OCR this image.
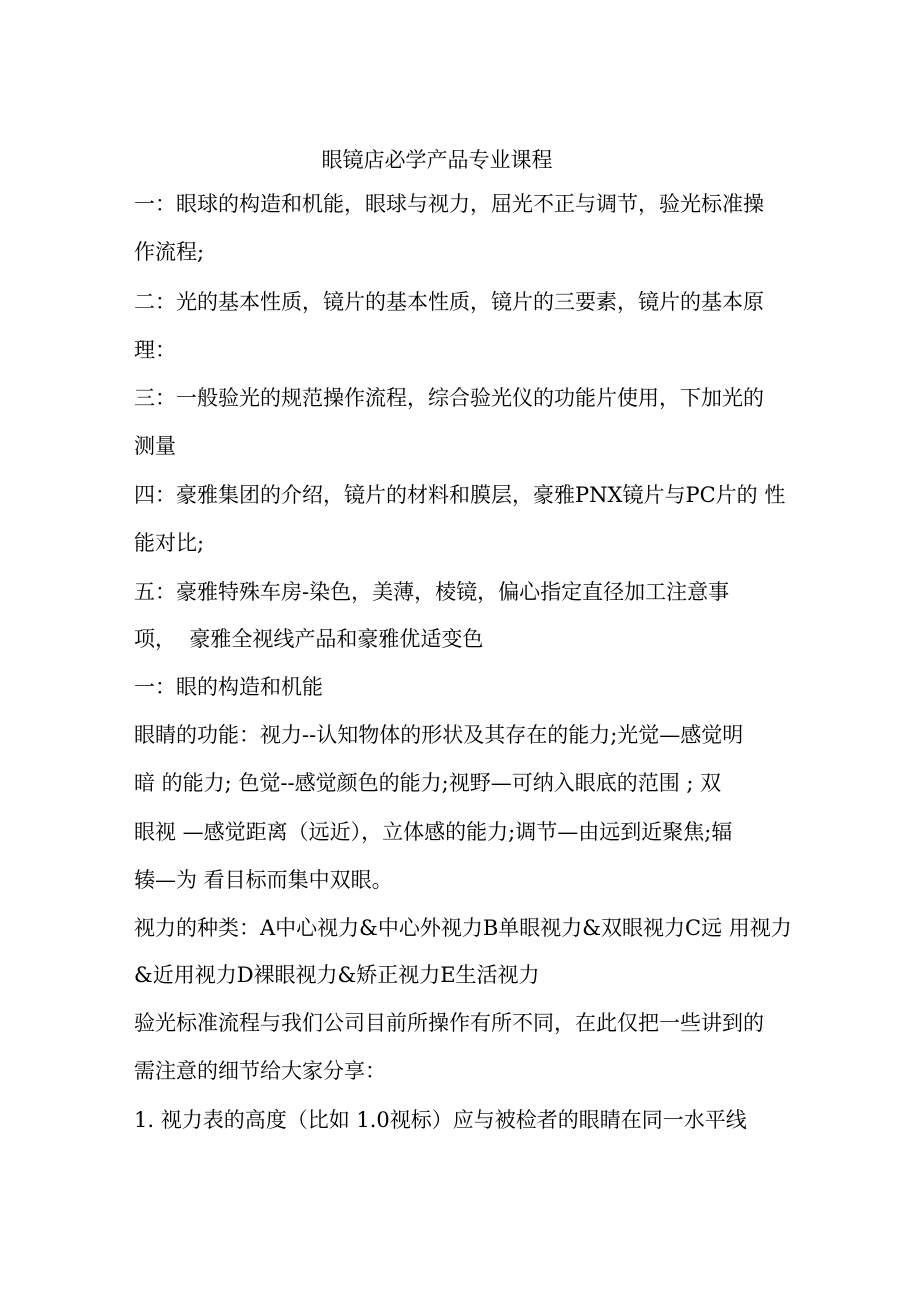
眼镜店必学产品专业课程
一：眼球的构造和机能，眼球与视力，屈光不正与调节，验光标准操
作流程;
二：光的基本性质，镜片的基本性质，镜片的三要素，镜片的基本原
理：
三：一般验光的规范操作流程，综合验光仪的功能片使用，下加光的
测量
四：豪雅集团的介绍，镜片的材料和膜层，豪雅PNX镜片与PC片的 性
能对比;
五：豪雅特殊车房-染色，美薄，棱镜，偏心指定直径加工注意事
项，  豪雅全视线产品和豪雅优适变色
一：眼的构造和机能
眼睛的功能：视力--认知物体的形状及其存在的能力;光觉—感觉明
暗 的能力; 色觉--感觉颜色的能力;视野—可纳入眼底的范围 ; 双
眼视 —感觉距离（远近），立体感的能力;调节—由远到近聚焦;辐
辏—为 看目标而集中双眼。
视力的种类：A中心视力&中心外视力B单眼视力&双眼视力C远 用视力
&近用视力D裸眼视力&矫正视力E生活视力
验光标准流程与我们公司目前所操作有所不同，在此仅把一些讲到的
需注意的细节给大家分享：
1. 视力表的高度（比如 1.0视标）应与被检者的眼睛在同一水平线
